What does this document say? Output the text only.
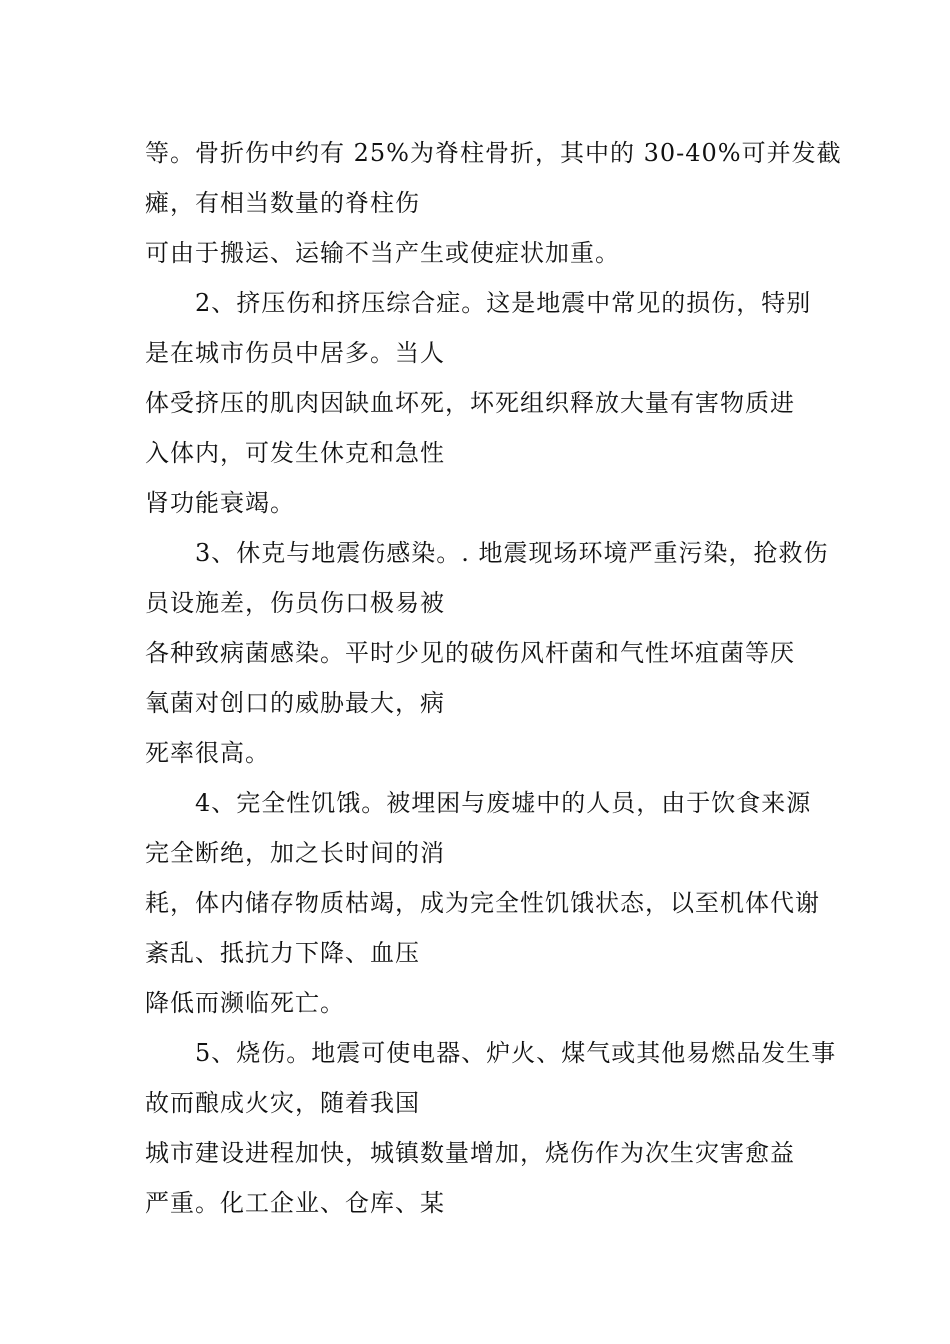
等。骨折伤中约有 25%为脊柱骨折，其中的 30-40%可并发截
瘫，有相当数量的脊柱伤
可由于搬运、运输不当产生或使症状加重。
2、挤压伤和挤压综合症。这是地震中常见的损伤，特别
是在城市伤员中居多。当人
体受挤压的肌肉因缺血坏死，坏死组织释放大量有害物质进
入体内，可发生休克和急性
肾功能衰竭。
3、休克与地震伤感染。. 地震现场环境严重污染，抢救伤
员设施差，伤员伤口极易被
各种致病菌感染。平时少见的破伤风杆菌和气性坏疽菌等厌
氧菌对创口的威胁最大，病
死率很高。
4、完全性饥饿。被埋困与废墟中的人员，由于饮食来源
完全断绝，加之长时间的消
耗，体内储存物质枯竭，成为完全性饥饿状态，以至机体代谢
紊乱、抵抗力下降、血压
降低而濒临死亡。
5、烧伤。地震可使电器、炉火、煤气或其他易燃品发生事
故而酿成火灾，随着我国
城市建设进程加快，城镇数量增加，烧伤作为次生灾害愈益
严重。化工企业、仓库、某
